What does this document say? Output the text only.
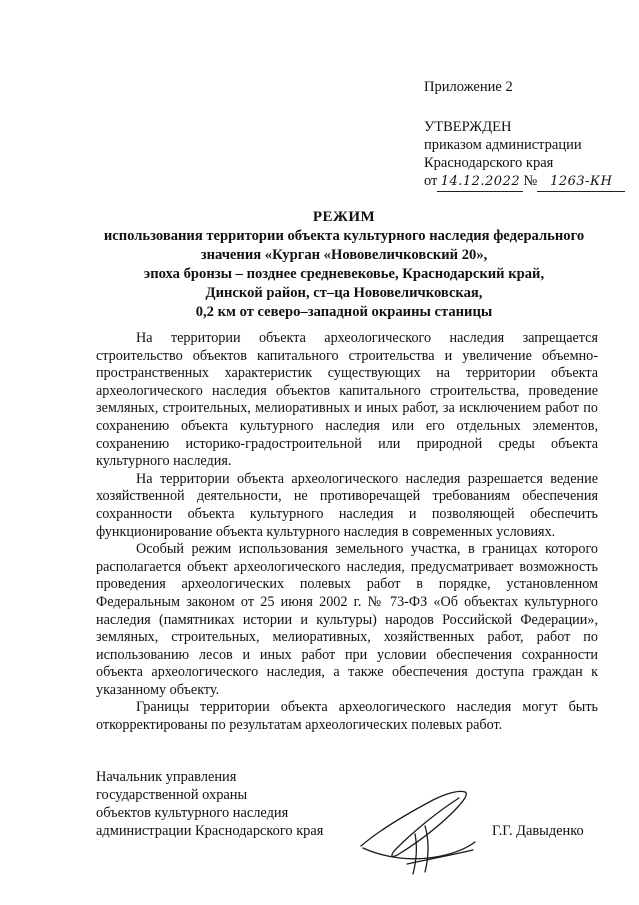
Приложение 2
УТВЕРЖДЕН
приказом администрации
Краснодарского края
от 14.12.2022 № 1263-КН
РЕЖИМ
использования территории объекта культурного наследия федерального
значения «Курган «Нововеличковский 20»,
эпоха бронзы – позднее средневековье, Краснодарский край,
Динской район, ст–ца Нововеличковская,
0,2 км от северо–западной окраины станицы

На территории объекта археологического наследия запрещается строительство объектов капитального строительства и увеличение объемно-пространственных характеристик существующих на территории объекта археологического наследия объектов капитального строительства, проведение земляных, строительных, мелиоративных и иных работ, за исключением работ по сохранению объекта культурного наследия или его отдельных элементов, сохранению историко-градостроительной или природной среды объекта культурного наследия.

На территории объекта археологического наследия разрешается ведение хозяйственной деятельности, не противоречащей требованиям обеспечения сохранности объекта культурного наследия и позволяющей обеспечить функционирование объекта культурного наследия в современных условиях.

Особый режим использования земельного участка, в границах которого располагается объект археологического наследия, предусматривает возможность проведения археологических полевых работ в порядке, установленном Федеральным законом от 25 июня 2002 г. № 73-ФЗ «Об объектах культурного наследия (памятниках истории и культуры) народов Российской Федерации», земляных, строительных, мелиоративных, хозяйственных работ, работ по использованию лесов и иных работ при условии обеспечения сохранности объекта археологического наследия, а также обеспечения доступа граждан к указанному объекту.

Границы территории объекта археологического наследия могут быть откорректированы по результатам археологических полевых работ.

Начальник управления
государственной охраны
объектов культурного наследия
администрации Краснодарского края	Г.Г. Давыденко
